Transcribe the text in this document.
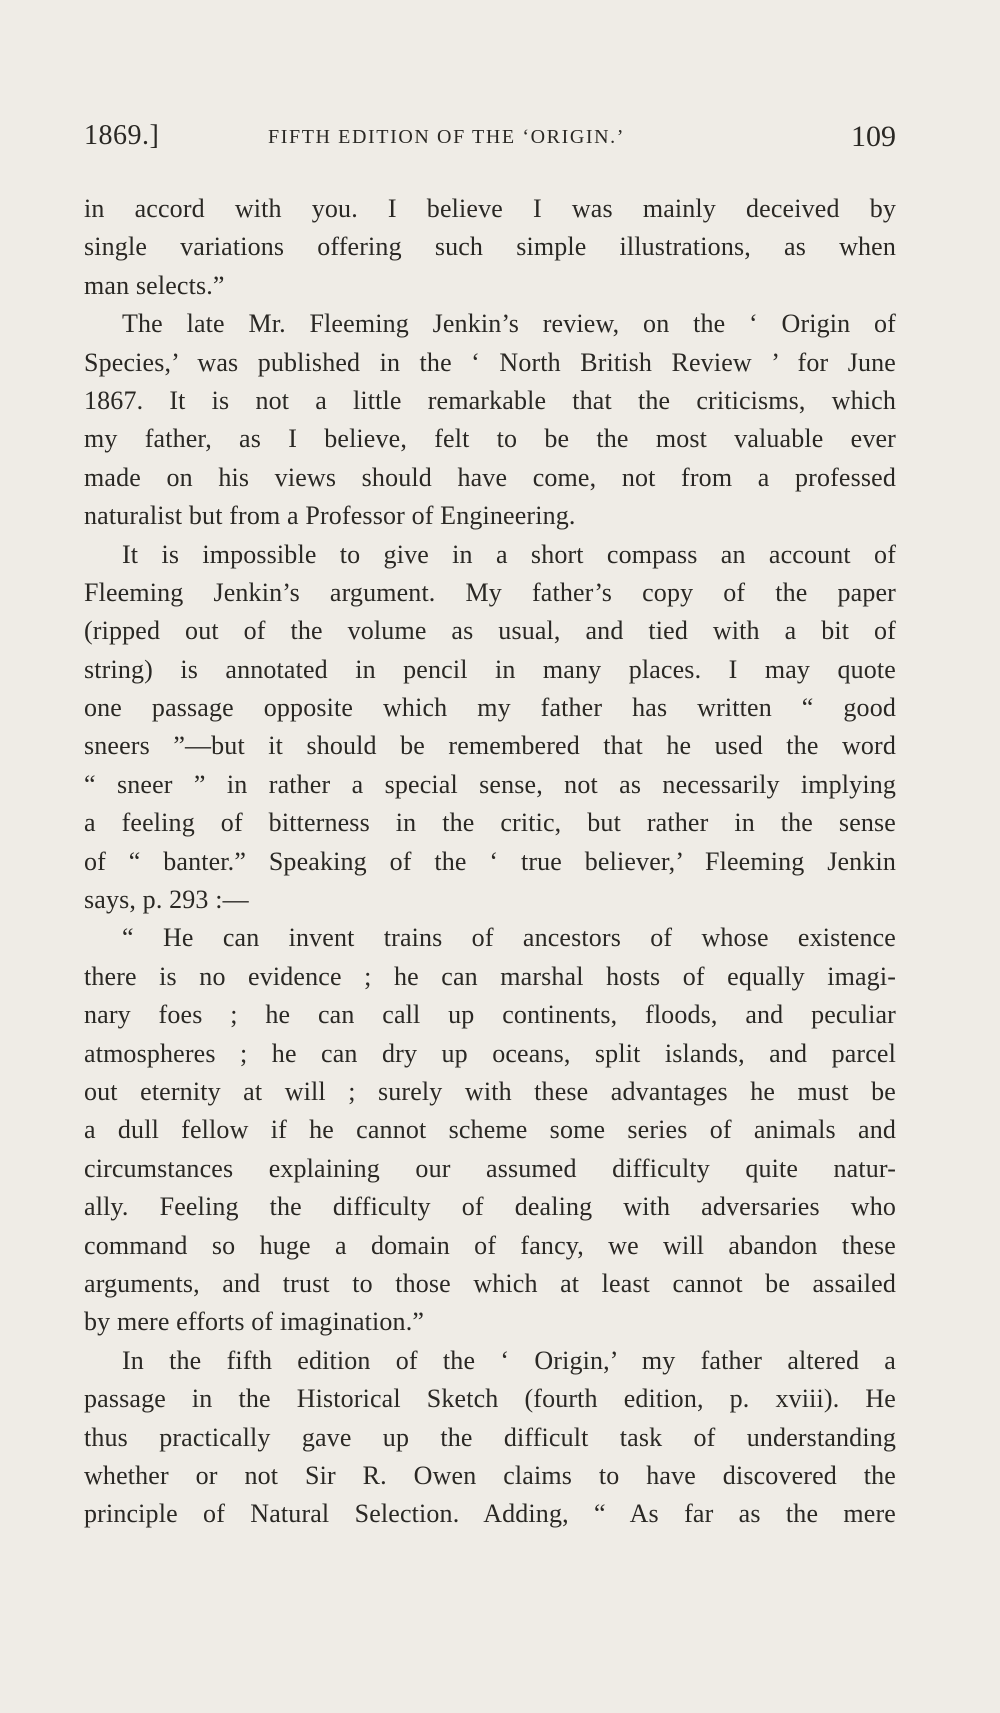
1869.]	FIFTH EDITION OF THE ‘ORIGIN.’	109
in accord with you. I believe I was mainly deceived by
single variations offering such simple illustrations, as when
man selects.”
The late Mr. Fleeming Jenkin’s review, on the ‘ Origin of
Species,’ was published in the ‘ North British Review ’ for June
1867. It is not a little remarkable that the criticisms, which
my father, as I believe, felt to be the most valuable ever
made on his views should have come, not from a professed
naturalist but from a Professor of Engineering.
It is impossible to give in a short compass an account of
Fleeming Jenkin’s argument. My father’s copy of the paper
(ripped out of the volume as usual, and tied with a bit of
string) is annotated in pencil in many places. I may quote
one passage opposite which my father has written “ good
sneers ”—but it should be remembered that he used the word
“ sneer ” in rather a special sense, not as necessarily implying
a feeling of bitterness in the critic, but rather in the sense
of “ banter.” Speaking of the ‘ true believer,’ Fleeming Jenkin
says, p. 293 :—
“ He can invent trains of ancestors of whose existence
there is no evidence ; he can marshal hosts of equally imagi-
nary foes ; he can call up continents, floods, and peculiar
atmospheres ; he can dry up oceans, split islands, and parcel
out eternity at will ; surely with these advantages he must be
a dull fellow if he cannot scheme some series of animals and
circumstances explaining our assumed difficulty quite natur-
ally. Feeling the difficulty of dealing with adversaries who
command so huge a domain of fancy, we will abandon these
arguments, and trust to those which at least cannot be assailed
by mere efforts of imagination.”
In the fifth edition of the ‘ Origin,’ my father altered a
passage in the Historical Sketch (fourth edition, p. xviii). He
thus practically gave up the difficult task of understanding
whether or not Sir R. Owen claims to have discovered the
principle of Natural Selection. Adding, “ As far as the mere
